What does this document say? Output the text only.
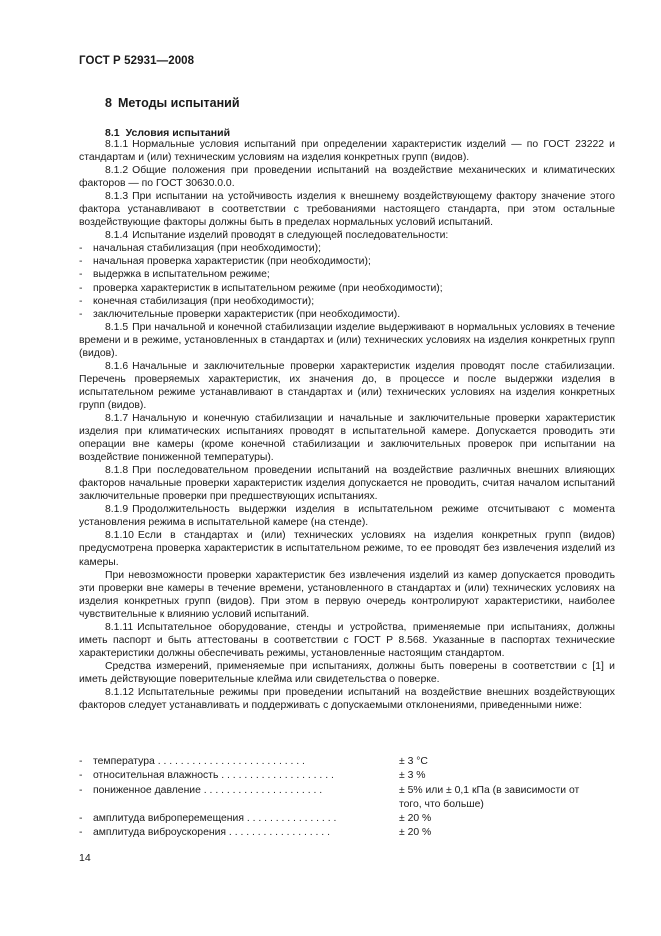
ГОСТ Р 52931—2008
8 Методы испытаний
8.1 Условия испытаний

8.1.1 Нормальные условия испытаний при определении характеристик изделий — по ГОСТ 23222 и стандартам и (или) техническим условиям на изделия конкретных групп (видов).

8.1.2 Общие положения при проведении испытаний на воздействие механических и климатических факторов — по ГОСТ 30630.0.0.

8.1.3 При испытании на устойчивость изделия к внешнему воздействующему фактору значение этого фактора устанавливают в соответствии с требованиями настоящего стандарта, при этом остальные воздействующие факторы должны быть в пределах нормальных условий испытаний.

8.1.4 Испытание изделий проводят в следующей последовательности:

- начальная стабилизация (при необходимости);
- начальная проверка характеристик (при необходимости);
- выдержка в испытательном режиме;
- проверка характеристик в испытательном режиме (при необходимости);
- конечная стабилизация (при необходимости);
- заключительные проверки характеристик (при необходимости).

8.1.5 При начальной и конечной стабилизации изделие выдерживают в нормальных условиях в течение времени и в режиме, установленных в стандартах и (или) технических условиях на изделия конкретных групп (видов).

8.1.6 Начальные и заключительные проверки характеристик изделия проводят после стабилизации. Перечень проверяемых характеристик, их значения до, в процессе и после выдержки изделия в испытательном режиме устанавливают в стандартах и (или) технических условиях на изделия конкретных групп (видов).

8.1.7 Начальную и конечную стабилизации и начальные и заключительные проверки характеристик изделия при климатических испытаниях проводят в испытательной камере. Допускается проводить эти операции вне камеры (кроме конечной стабилизации и заключительных проверок при испытании на воздействие пониженной температуры).

8.1.8 При последовательном проведении испытаний на воздействие различных внешних влияющих факторов начальные проверки характеристик изделия допускается не проводить, считая началом испытаний заключительные проверки при предшествующих испытаниях.

8.1.9 Продолжительность выдержки изделия в испытательном режиме отсчитывают с момента установления режима в испытательной камере (на стенде).

8.1.10 Если в стандартах и (или) технических условиях на изделия конкретных групп (видов) предусмотрена проверка характеристик в испытательном режиме, то ее проводят без извлечения изделий из камеры.

При невозможности проверки характеристик без извлечения изделий из камер допускается проводить эти проверки вне камеры в течение времени, установленного в стандартах и (или) технических условиях на изделия конкретных групп (видов). При этом в первую очередь контролируют характеристики, наиболее чувствительные к влиянию условий испытаний.

8.1.11 Испытательное оборудование, стенды и устройства, применяемые при испытаниях, должны иметь паспорт и быть аттестованы в соответствии с ГОСТ Р 8.568. Указанные в паспортах технические характеристики должны обеспечивать режимы, установленные настоящим стандартом.

Средства измерений, применяемые при испытаниях, должны быть поверены в соответствии с [1] и иметь действующие поверительные клейма или свидетельства о поверке.

8.1.12 Испытательные режимы при проведении испытаний на воздействие внешних воздействующих факторов следует устанавливать и поддерживать с допускаемыми отклонениями, приведенными ниже:

-	температура . . . . . . . . . . . . . . . . . . . . . . . . . .	± 3 °С
-	относительная влажность . . . . . . . . . . . . . . . . . . . .	± 3 %
-	пониженное давление . . . . . . . . . . . . . . . . . . . . .	± 5% или ± 0,1 кПа (в зависимости от
того, что больше)
-	амплитуда виброперемещения . . . . . . . . . . . . . . . .	± 20 %
-	амплитуда виброускорения . . . . . . . . . . . . . . . . . .	± 20 %
14
